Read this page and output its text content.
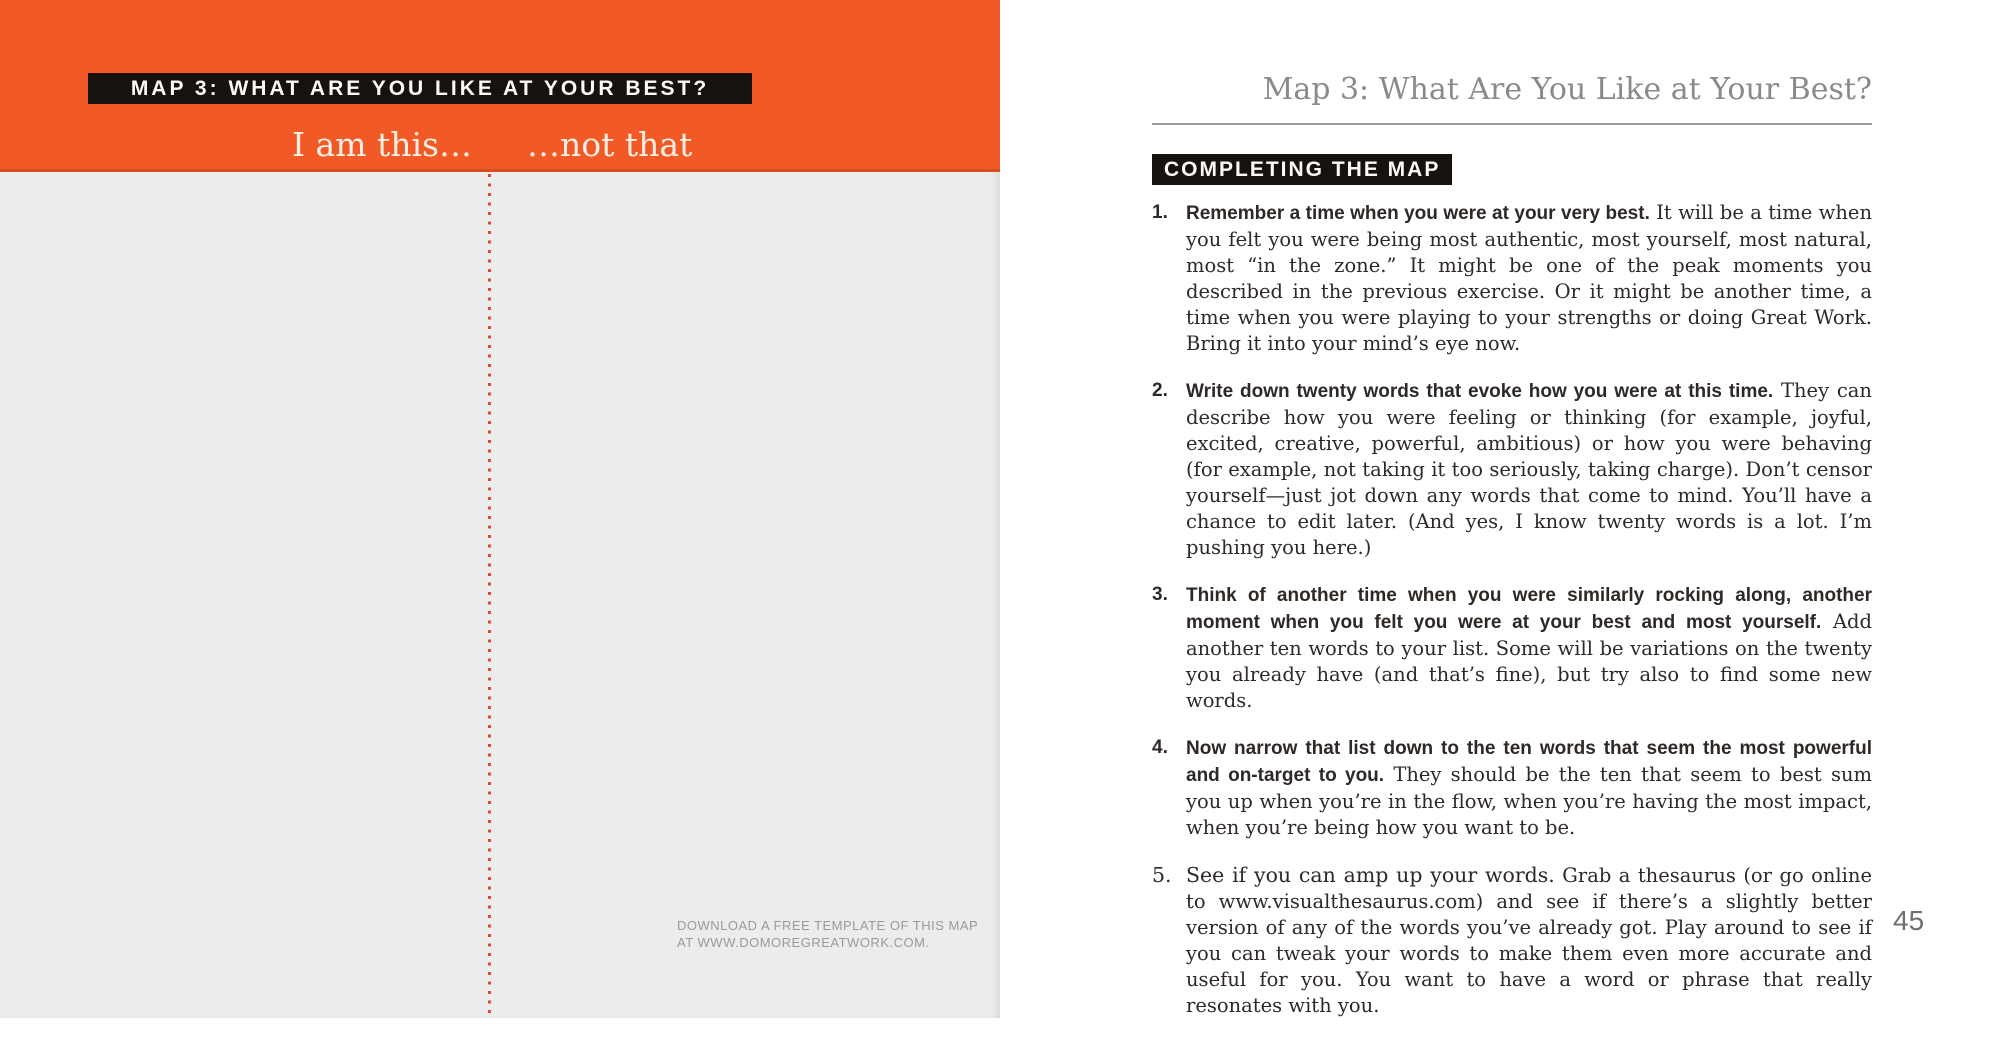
MAP 3: WHAT ARE YOU LIKE AT YOUR BEST?
I am this… …not that
DOWNLOAD A FREE TEMPLATE OF THIS MAP
AT WWW.DOMOREGREATWORK.COM.
Map 3: What Are You Like at Your Best?
COMPLETING THE MAP
1. Remember a time when you were at your very best. It will be a time when you felt you were being most authentic, most yourself, most natural, most “in the zone.” It might be one of the peak moments you described in the previous exercise. Or it might be another time, a time when you were playing to your strengths or doing Great Work. Bring it into your mind’s eye now.

2. Write down twenty words that evoke how you were at this time. They can describe how you were feeling or thinking (for example, joyful, excited, creative, powerful, ambitious) or how you were behaving (for example, not taking it too seriously, taking charge). Don’t censor yourself—just jot down any words that come to mind. You’ll have a chance to edit later. (And yes, I know twenty words is a lot. I’m pushing you here.)

3. Think of another time when you were similarly rocking along, another moment when you felt you were at your best and most yourself. Add another ten words to your list. Some will be variations on the twenty you already have (and that’s fine), but try also to find some new words.

4. Now narrow that list down to the ten words that seem the most powerful and on-target to you. They should be the ten that seem to best sum you up when you’re in the flow, when you’re having the most impact, when you’re being how you want to be.

5. See if you can amp up your words. Grab a thesaurus (or go online to www.visualthesaurus.com) and see if there’s a slightly better version of any of the words you’ve already got. Play around to see if you can tweak your words to make them even more accurate and useful for you. You want to have a word or phrase that really resonates with you.

45
